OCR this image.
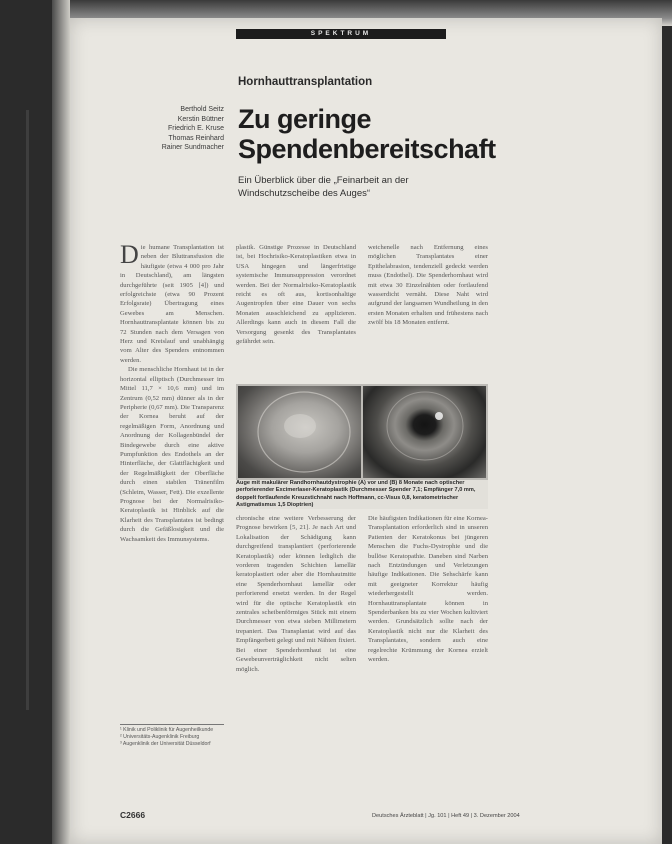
SPEKTRUM
Hornhauttransplantation
Berthold Seitz
Kerstin Büttner
Friedrich E. Kruse
Thomas Reinhard
Rainer Sundmacher
Zu geringe
Spendenbereitschaft
Ein Überblick über die „Feinarbeit an der Windschutzscheibe des Auges“
D ie humane Transplantation ist neben der Bluttransfusion die häufigste (etwa 4 000 pro Jahr in Deutschland), am längsten durchgeführte (seit 1905 [4]) und erfolgreichste (etwa 90 Prozent Erfolgsrate) Übertragung eines Gewebes am Menschen. Hornhauttransplantate können bis zu 72 Stunden nach dem Versagen von Herz und Kreislauf und unabhängig vom Alter des Spenders entnommen werden.

Die menschliche Hornhaut ist in der horizontal elliptisch (Durchmesser im Mittel 11,7 × 10,6 mm) und im Zentrum (0,52 mm) dünner als in der Peripherie (0,67 mm). Die Transparenz der Kornea beruht auf der regelmäßigen Form, Anordnung und Anordnung der Kollagenbündel der Bindegewebe durch eine aktive Pumpfunktion des Endothels an der Hinterfläche, der Glattflächigkeit und der Regelmäßigkeit der Oberfläche durch einen stabilen Tränenfilm (Schleim, Wasser, Fett). Die exzellente Prognose bei der Normalrisiko-Keratoplastik ist Hinblick auf die Klarheit des Transplantates ist bedingt durch die Gefäßlosigkeit und die Wachsamkeit des Immunsystems.

plastik. Günstige Prozesse in Deutschland ist, bei Hochrisiko-Keratoplastiken etwa in USA hingegen und längerfristige systemische Immunsuppression verordnet werden. Bei der Normalrisiko-Keratoplastik reicht es oft aus, kortisonhaltige Augentropfen über eine Dauer von sechs Monaten ausschleichend zu applizieren. Allerdings kann auch in diesem Fall die Versorgung gesenkt des Transplantates gefährdet sein.

weichenelle nach Entfernung eines möglichen Transplantates einer Epithelabrasion, tendenziell gedeckt werden muss (Endothel). Die Spenderhornhaut wird mit etwa 30 Einzelnähten oder fortlaufend wasserdicht vernäht. Diese Naht wird aufgrund der langsamen Wundheilung in den ersten Monaten erhalten und frühestens nach zwölf bis 18 Monaten entfernt.

Auge mit makulärer Randhornhautdystrophie (A) vor und (B) 8 Monate nach optischer perforierender Excimerlaser-Keratoplastik (Durchmesser Spender 7,1; Empfänger 7,0 mm, doppelt fortlaufende Kreuzstichnaht nach Hoffmann, cc-Visus 0,8, keratometrischer Astigmatismus 1,5 Dioptrien)

chronische eine weitere Verbesserung der Prognose bewirken [5, 21]. Je nach Art und Lokalisation der Schädigung kann durchgreifend transplantiert (perforierende Keratoplastik) oder können lediglich die vorderen tragenden Schichten lamellär keratoplastiert oder aber die Hornhautmitte eine Spenderhornhaut lamellär oder perforierend ersetzt werden. In der Regel wird für die optische Keratoplastik ein zentrales scheibenförmiges Stück mit einem Durchmesser von etwa sieben Millimetern trepaniert. Das Transplantat wird auf das Empfängerbett gelegt und mit Nähten fixiert. Bei einer Spenderhornhaut ist eine Gewebeunverträglichkeit nicht selten möglich.

Die häufigsten Indikationen für eine Kornea-Transplantation erforderlich sind in unseren Patienten der Keratokonus bei jüngeren Menschen die Fuchs-Dystrophie und die bullöse Keratopathie. Daneben sind Narben nach Entzündungen und Verletzungen häufige Indikationen. Die Sehschärfe kann mit geeigneter Korrektur häufig wiederhergestellt werden. Hornhauttransplantate können in Spenderbanken bis zu vier Wochen kultiviert werden. Grundsätzlich sollte nach der Keratoplastik nicht nur die Klarheit des Transplantates, sondern auch eine regelrechte Krümmung der Kornea erzielt werden.

¹ Klinik und Poliklinik für Augenheilkunde
² Universitäts-Augenklinik Freiburg
³ Augenklinik der Universität Düsseldorf
C2666	Deutsches Ärzteblatt | Jg. 101 | Heft 49 | 3. Dezember 2004
